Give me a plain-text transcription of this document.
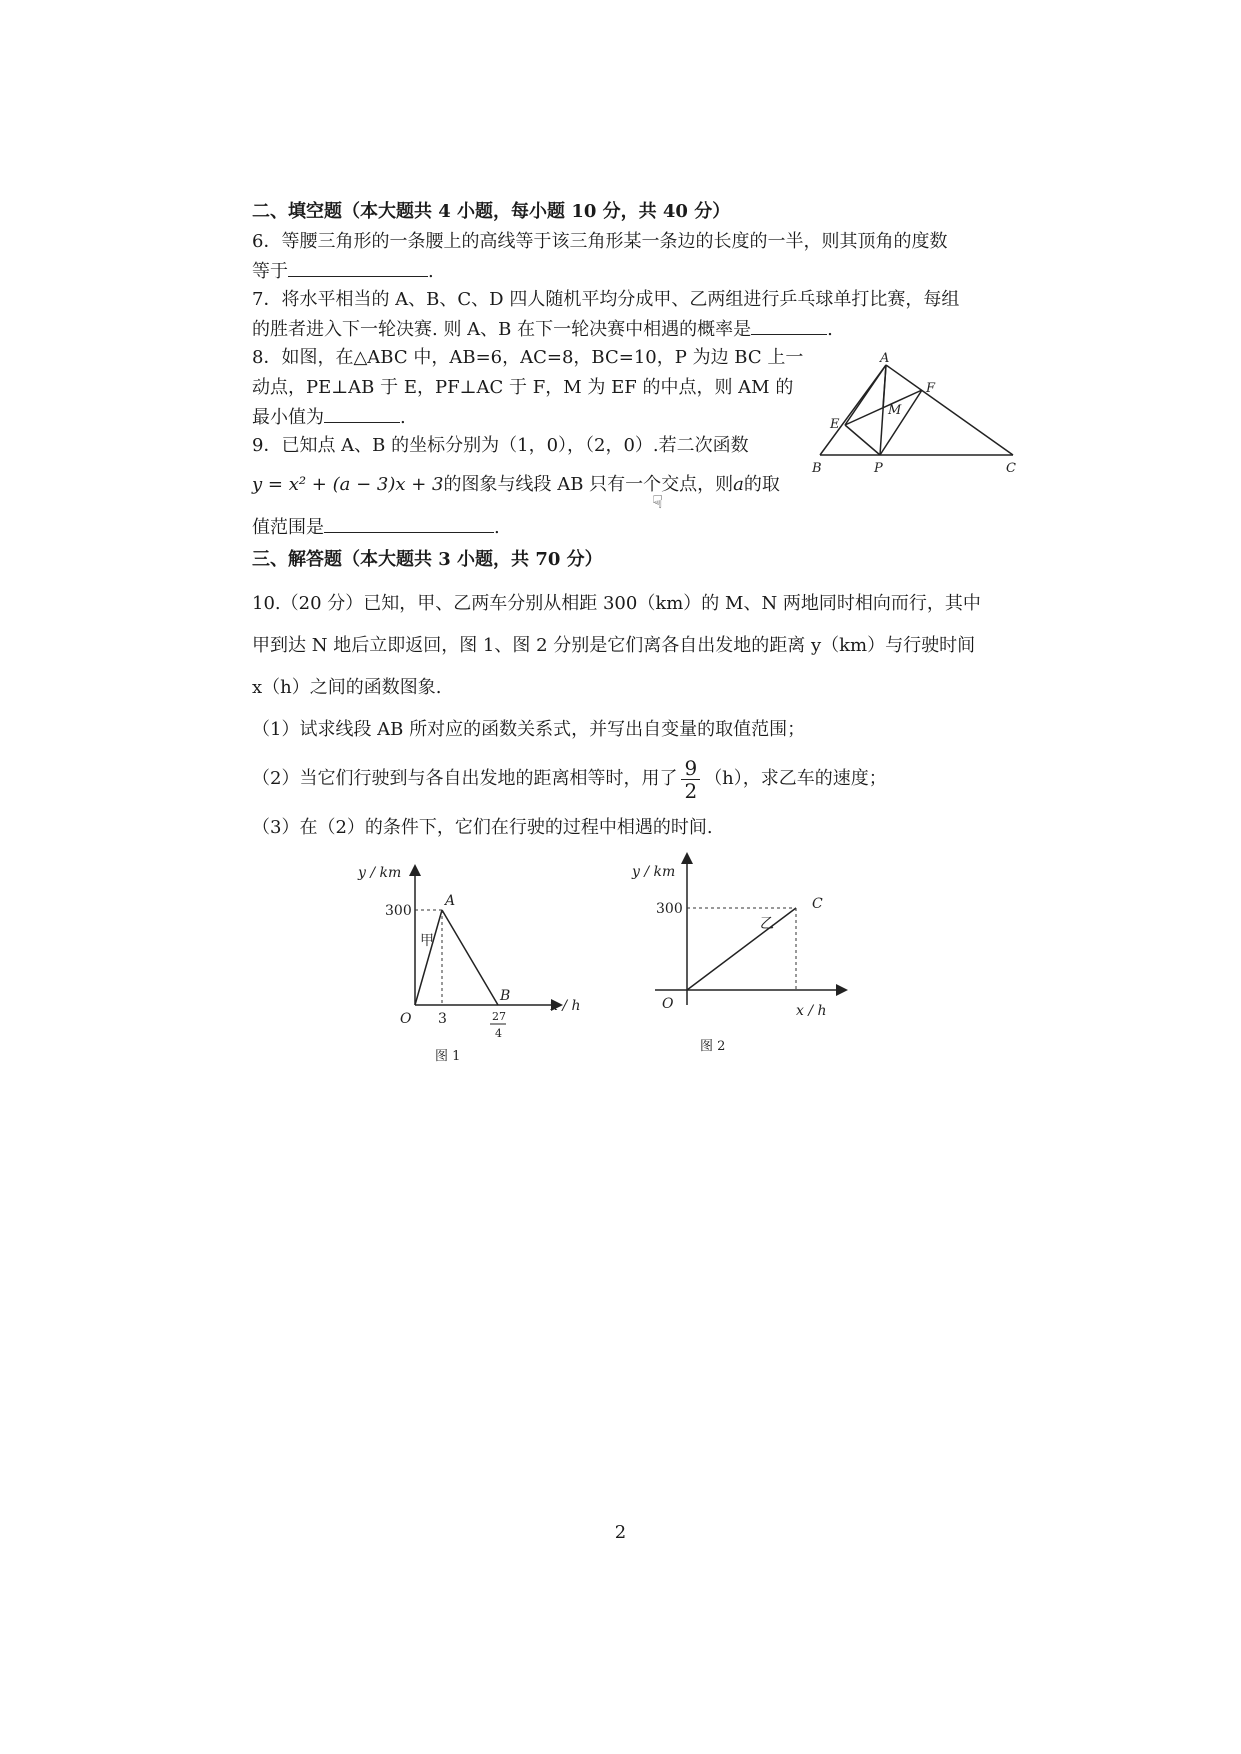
二、填空题（本大题共 4 小题，每小题 10 分，共 40 分）
6．等腰三角形的一条腰上的高线等于该三角形某一条边的长度的一半，则其顶角的度数
等于	.
7．将水平相当的 A、B、C、D 四人随机平均分成甲、乙两组进行乒乓球单打比赛，每组
的胜者进入下一轮决赛. 则 A、B 在下一轮决赛中相遇的概率是	.
8．如图，在△ABC 中，AB=6，AC=8，BC=10，P 为边 BC 上一
动点，PE⊥AB 于 E，PF⊥AC 于 F，M 为 EF 的中点，则 AM 的
最小值为	.
9．已知点 A、B 的坐标分别为（1，0），（2，0）.若二次函数
y = x² + (a − 3)x + 3的图象与线段 AB 只有一个交点，则a的取
值范围是	.
☟
A
B	C
E
F
M
P
三、解答题（本大题共 3 小题，共 70 分）
10.（20 分）已知，甲、乙两车分别从相距 300（km）的 M、N 两地同时相向而行，其中
甲到达 N 地后立即返回，图 1、图 2 分别是它们离各自出发地的距离 y（km）与行驶时间
x（h）之间的函数图象.
（1）试求线段 AB 所对应的函数关系式，并写出自变量的取值范围；
（2）当它们行驶到与各自出发地的距离相等时，用了 $\frac{9}{2} (h)$，求乙车的速度；
（3）在（2）的条件下，它们在行驶的过程中相遇的时间.
y / km
300
甲
A
B
O 3	27
4
x / h
图 1
y / km
300
乙
C
O	x / h
图 2
2
